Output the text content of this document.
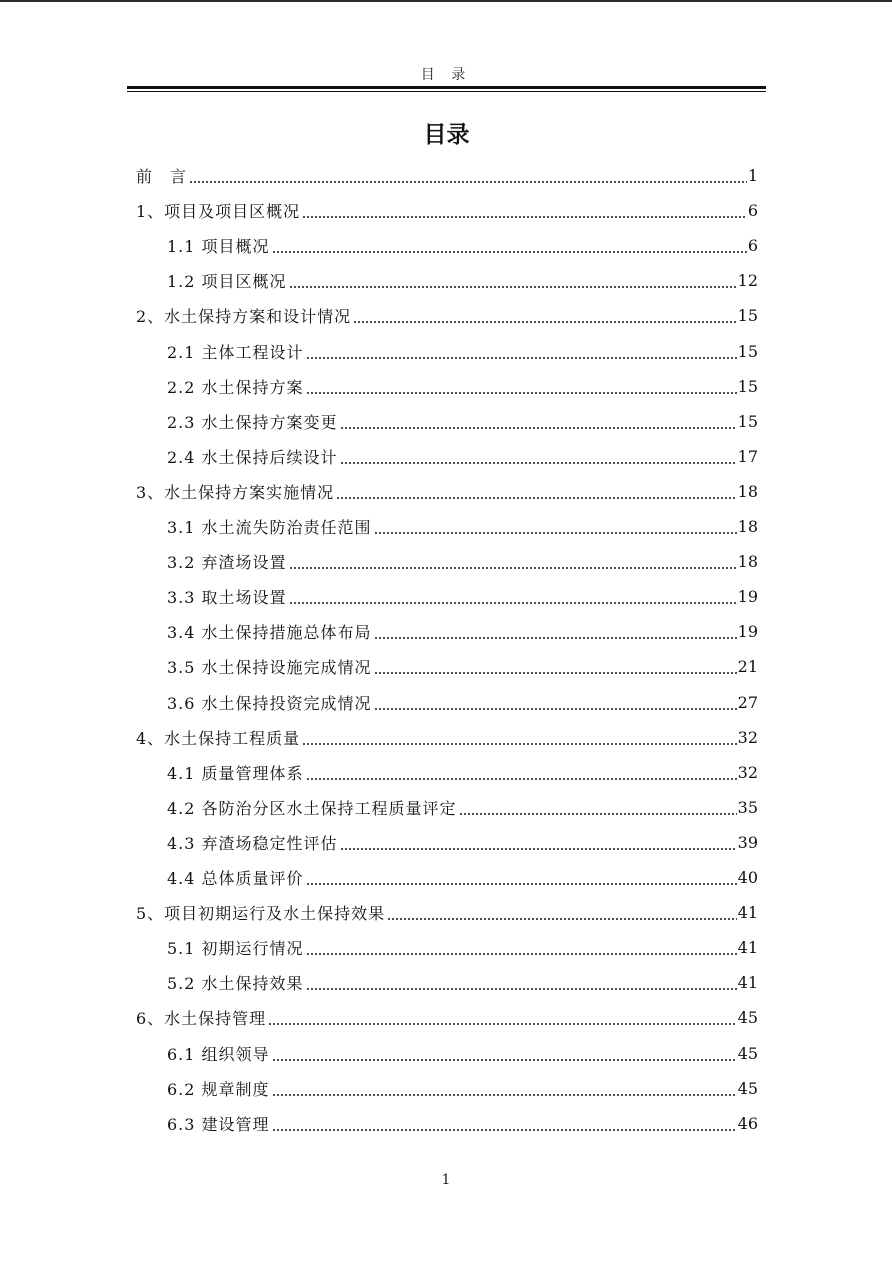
目 录
目录
前　言	1
1、项目及项目区概况	6
1.1 项目概况	6
1.2 项目区概况	12
2、水土保持方案和设计情况	15
2.1 主体工程设计	15
2.2 水土保持方案	15
2.3 水土保持方案变更	15
2.4 水土保持后续设计	17
3、水土保持方案实施情况	18
3.1 水土流失防治责任范围	18
3.2 弃渣场设置	18
3.3 取土场设置	19
3.4 水土保持措施总体布局	19
3.5 水土保持设施完成情况	21
3.6 水土保持投资完成情况	27
4、水土保持工程质量	32
4.1 质量管理体系	32
4.2 各防治分区水土保持工程质量评定	35
4.3 弃渣场稳定性评估	39
4.4 总体质量评价	40
5、项目初期运行及水土保持效果	41
5.1 初期运行情况	41
5.2 水土保持效果	41
6、水土保持管理	45
6.1 组织领导	45
6.2 规章制度	45
6.3 建设管理	46
1
